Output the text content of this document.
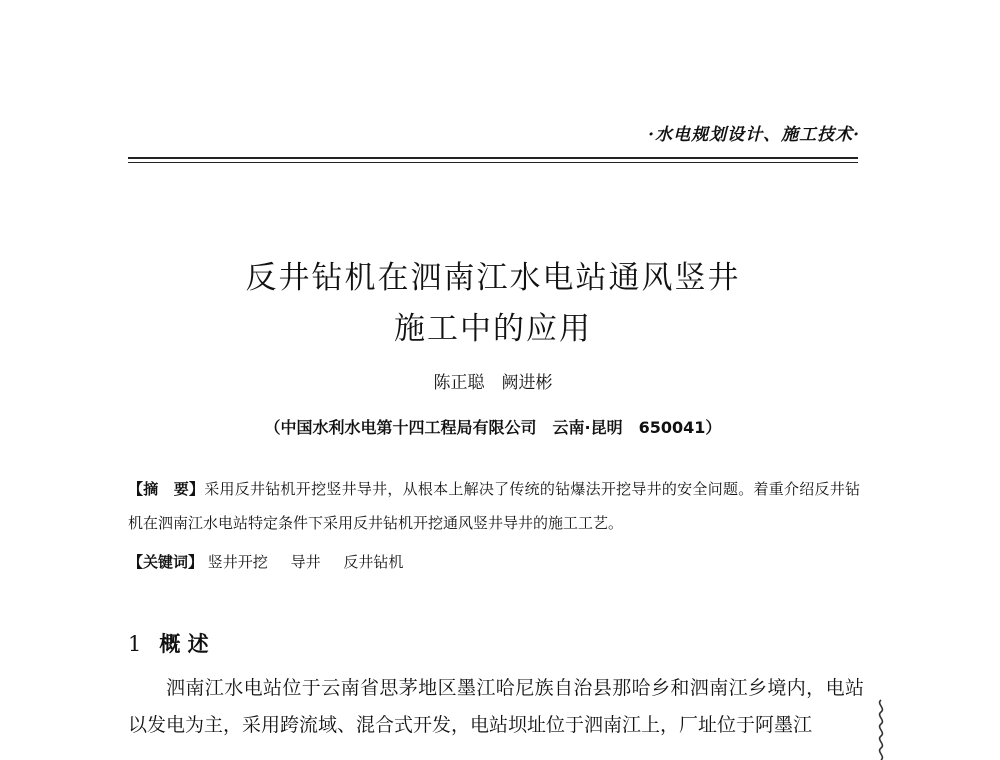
·水电规划设计、施工技术·
反井钻机在泗南江水电站通风竖井
施工中的应用
陈正聪　阙进彬
（中国水利水电第十四工程局有限公司　云南·昆明　650041）
【摘　要】采用反井钻机开挖竖井导井，从根本上解决了传统的钻爆法开挖导井的安全问题。着重介绍反井钻机在泗南江水电站特定条件下采用反井钻机开挖通风竖井导井的施工工艺。
【关键词】 竖井开挖 导井 反井钻机
1 概 述
泗南江水电站位于云南省思茅地区墨江哈尼族自治县那哈乡和泗南江乡境内，电站以发电为主，采用跨流域、混合式开发，电站坝址位于泗南江上，厂址位于阿墨江
